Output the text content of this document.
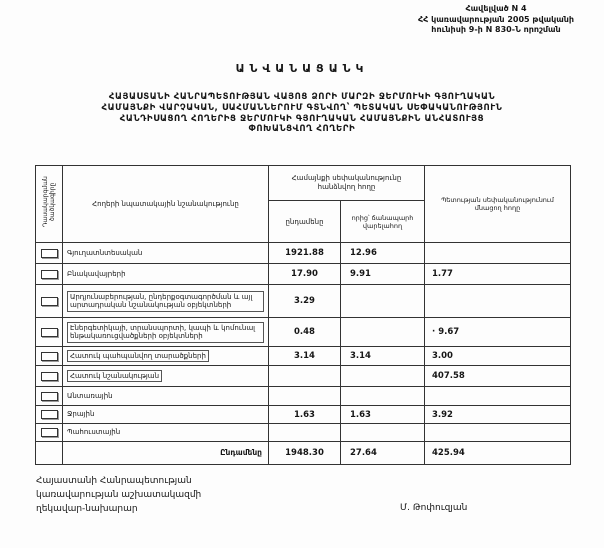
Հավելված N 4
ՀՀ կառավարության 2005 թվականի
հունիսի 9-ի N 830-Ն որոշման
ԱՆՎԱՆԱՑԱՆԿ
ՀԱՅԱՍՏԱՆԻ ՀԱՆՐԱՊԵՏՈՒԹՅԱՆ ՎԱՅՈՑ ՁՈՐԻ ՄԱՐԶԻ ՋԵՐՄՈՒԿԻ ԳՅՈՒՂԱԿԱՆ
ՀԱՄԱՅՆՔԻ ՎԱՐՉԱԿԱՆ, ՍԱՀՄԱՆՆԵՐՈՒՄ ԳՏՆՎՈՂ՝ ՊԵՏԱԿԱՆ ՍԵՓԱԿԱՆՈՒԹՅՈՒՆ
ՀԱՆԴԻՍԱՑՈՂ ՀՈՂԵՐԻՑ ՋԵՐՄՈՒԿԻ ԳՅՈՒՂԱԿԱՆ ՀԱՄԱՅՆՔԻՆ ԱՆՀԱՏՈՒՅՑ
ՓՈԽԱՆՑՎՈՂ ՀՈՂԵՐԻ
Դասակարգման ծածկագիրը	Հողերի նպատակային նշանակությունը	Համայնքի սեփականությունը հանձնվող հողը		Պետության սեփականությունում մնացող հողը
		ընդամենը	որից՝ ճանապարհ վարելահող	

	Գյուղատնտեսական	1921.88	12.96	

	Բնակավայրերի	17.90	9.91	1.77

	Արդյունաբերության, ընդերքօգտագործման և այլ արտադրական նշանակության օբյեկտների	3.29		

	Էներգետիկայի, տրանսպորտի, կապի և կոմունալ ենթակառուցվածքների օբյեկտների	0.48		· 9.67

	Հատուկ պահպանվող տարածքների	3.14	3.14	3.00

	Հատուկ նշանակության			407.58

	Անտառային			

	Ջրային	1.63	1.63	3.92

	Պահուստային			
	Ընդամենը	1948.30	27.64	425.94
Հայաստանի Հանրապետության
կառավարության աշխատակազմի
ղեկավար-նախարար	Մ. Թոփուզյան
